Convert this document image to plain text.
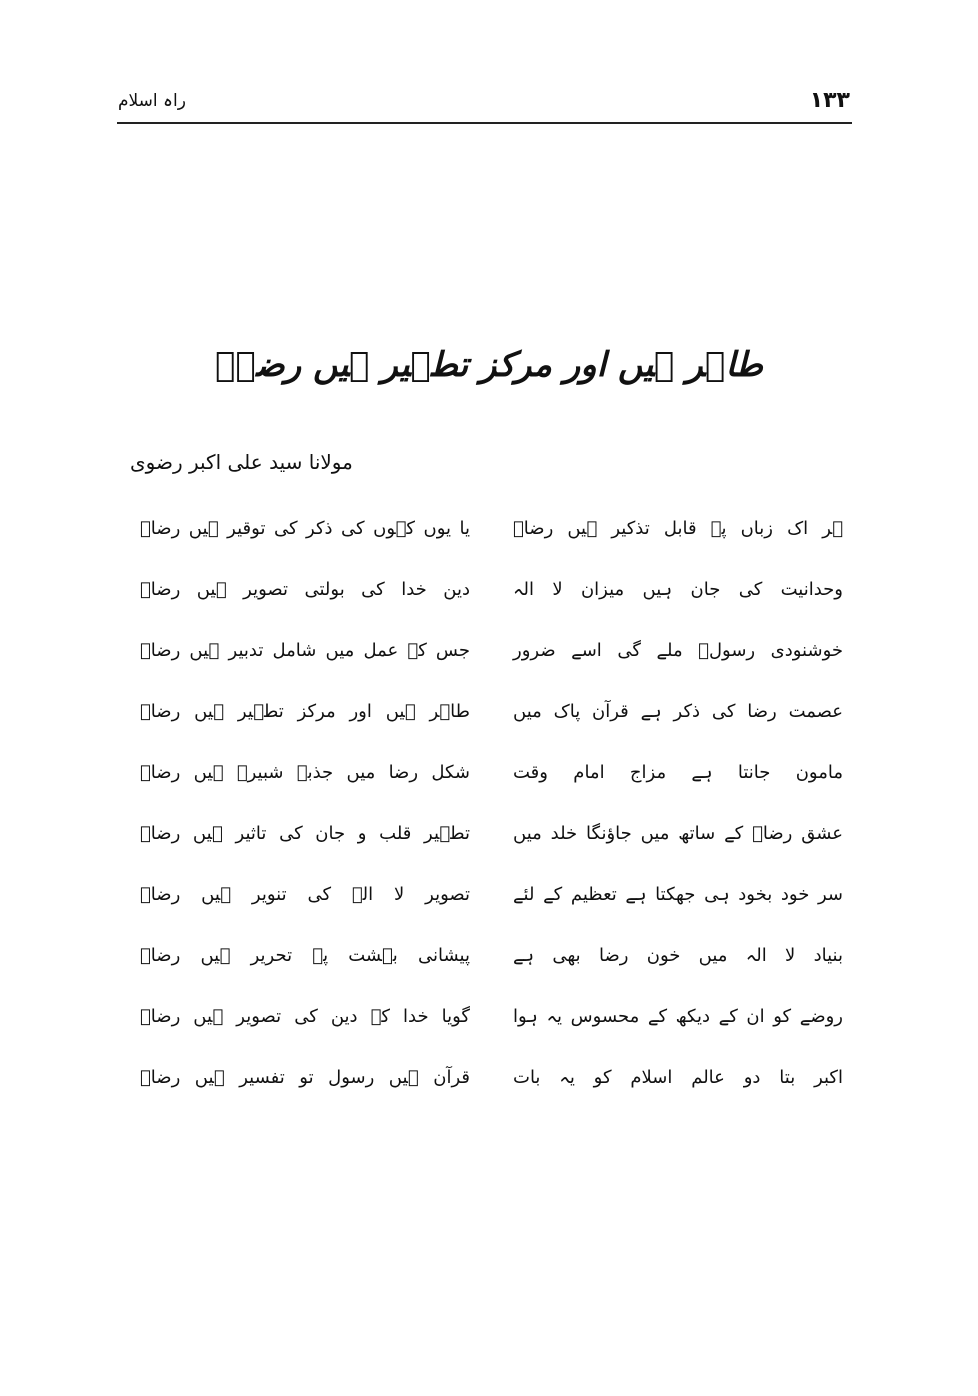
۱۳۳
راہ اسلام
طاہر ہیں اور مرکز تطہیر ہیں رضاؑ
مولانا سید علی اکبر رضوی
ہر اک زباں پہ قابل تذکیر ہیں رضاؑ
یا یوں کہوں کی ذکر کی توقیر ہیں رضاؑ
وحدانیت کی جان ہیں میزان لا الہ
دین خدا کی بولتی تصویر ہیں رضاؑ
خوشنودی رسولؐ ملے گی اسے ضرور
جس کے عمل میں شامل تدبیر ہیں رضاؑ
عصمت رضا کی ذکر ہے قرآن پاک میں
طاہر ہیں اور مرکز تطہیر ہیں رضاؑ
مامون جانتا ہے مزاج امام وقت
شکل رضا میں جذبہ شبیرؑ ہیں رضاؑ
عشق رضاؑ کے ساتھ میں جاؤنگا خلد میں
تطہیر قلب و جان کی تاثیر ہیں رضاؑ
سر خود بخود ہی جھکتا ہے تعظیم کے لئے
تصویر لا الہ کی تنویر ہیں رضاؑ
بنیاد لا الہ میں خون رضا بھی ہے
پیشانی بہشت پہ تحریر ہیں رضاؑ
روضے کو ان کے دیکھ کے محسوس یہ ہوا
گویا خدا کے دین کی تصویر ہیں رضاؑ
اکبر بتا دو عالم اسلام کو یہ بات
قرآن ہیں رسول تو تفسیر ہیں رضاؑ
